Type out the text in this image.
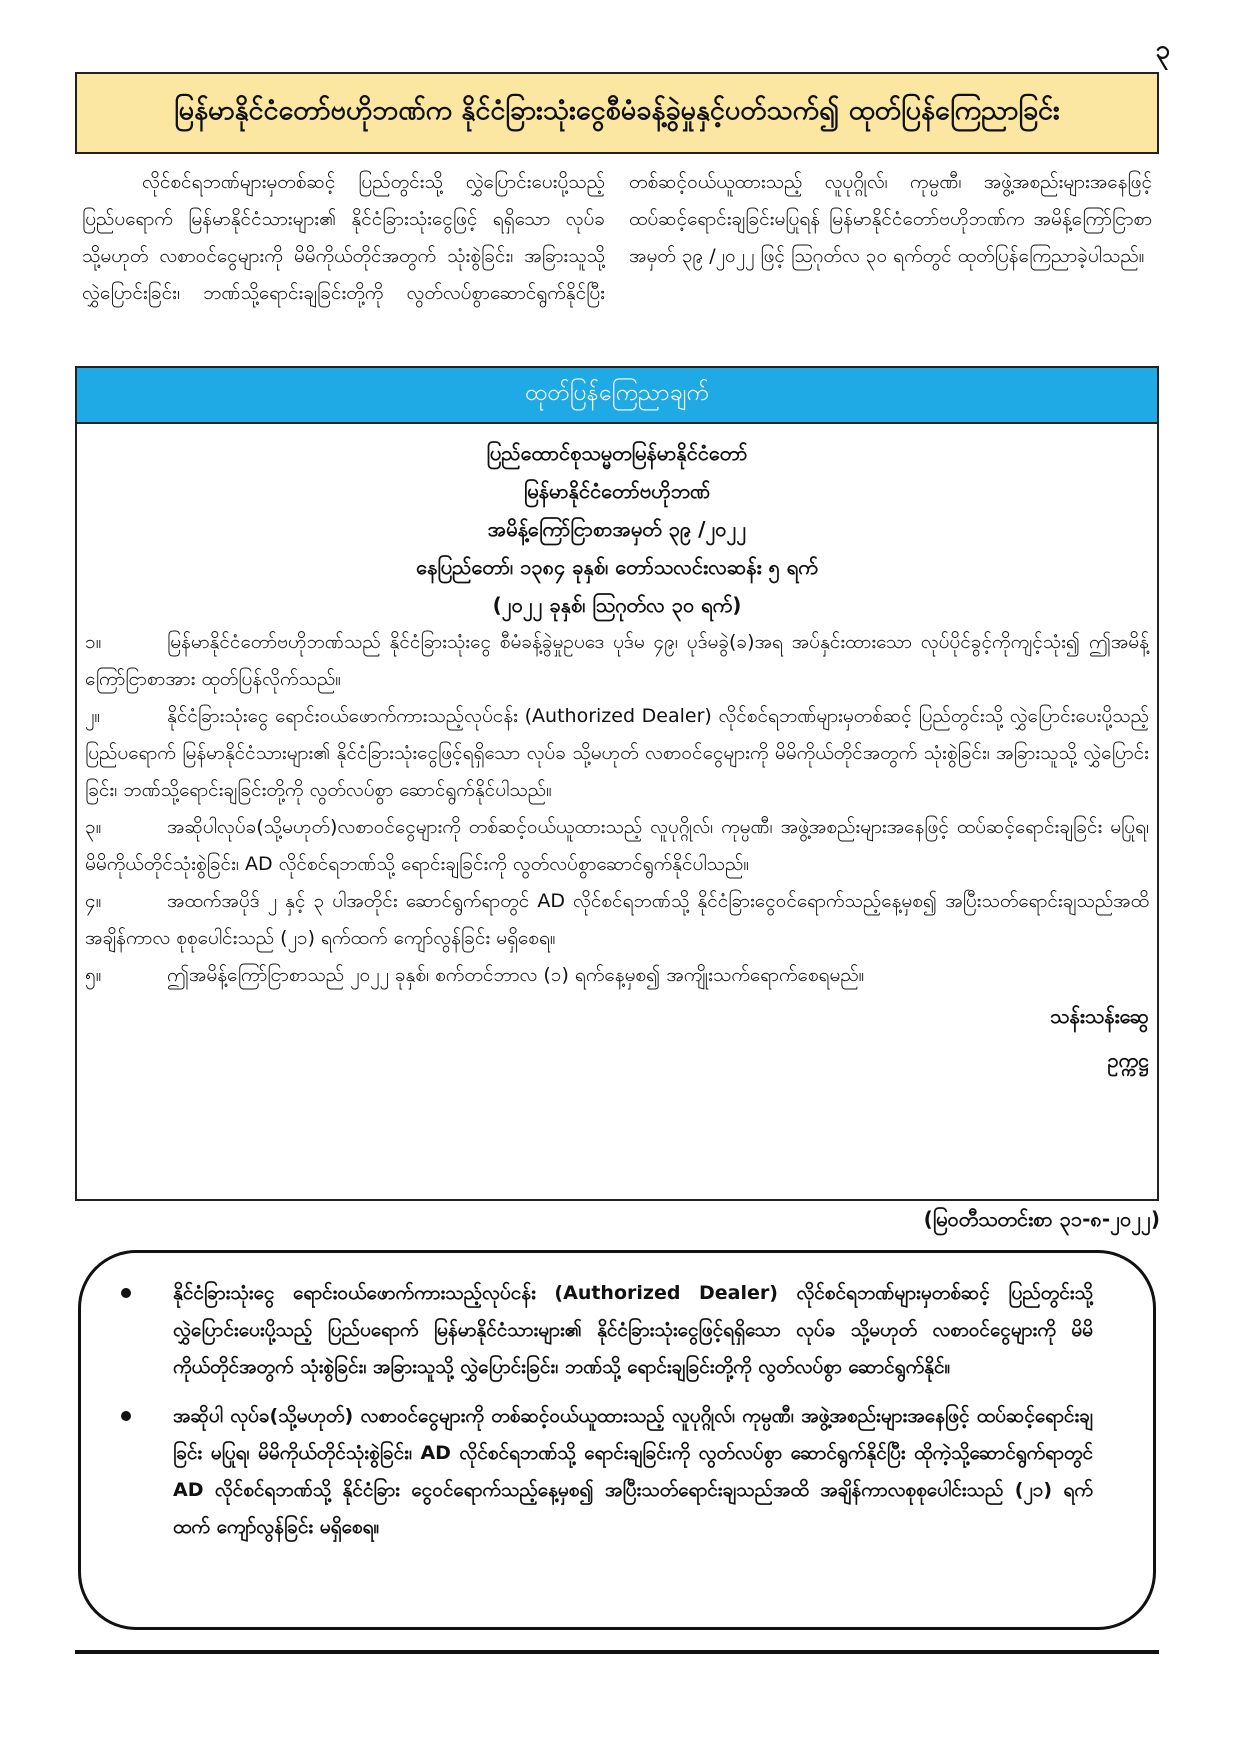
၃
မြန်မာနိုင်ငံတော်ဗဟိုဘဏ်က နိုင်ငံခြားသုံးငွေစီမံခန့်ခွဲမှုနှင့်ပတ်သက်၍ ထုတ်ပြန်ကြေညာခြင်း

လိုင်စင်ရဘဏ်များမှတစ်ဆင့် ပြည်တွင်းသို့ လွှဲပြောင်းပေးပို့သည့် ပြည်ပရောက် မြန်မာနိုင်ငံသားများ၏ နိုင်ငံခြားသုံးငွေဖြင့် ရရှိသော လုပ်ခ သို့မဟုတ် လစာဝင်ငွေများကို မိမိကိုယ်တိုင်အတွက် သုံးစွဲခြင်း၊ အခြားသူသို့လွှဲပြောင်းခြင်း၊ ဘဏ်သို့ရောင်းချခြင်းတို့ကို လွတ်လပ်စွာဆောင်ရွက်နိုင်ပြီး တစ်ဆင့်ဝယ်ယူထားသည့် လူပုဂ္ဂိုလ်၊ ကုမ္ပဏီ၊ အဖွဲ့အစည်းများအနေဖြင့် ထပ်ဆင့်ရောင်းချခြင်းမပြုရန် မြန်မာနိုင်ငံတော်ဗဟိုဘဏ်က အမိန့်ကြော်ငြာစာအမှတ် ၃၉ /၂၀၂၂ ဖြင့် ဩဂုတ်လ ၃၀ ရက်တွင် ထုတ်ပြန်ကြေညာခဲ့ပါသည်။

ထုတ်ပြန်ကြေညာချက်
ပြည်ထောင်စုသမ္မတမြန်မာနိုင်ငံတော်
မြန်မာနိုင်ငံတော်ဗဟိုဘဏ်
အမိန့်ကြော်ငြာစာအမှတ် ၃၉ /၂၀၂၂
နေပြည်တော်၊ ၁၃၈၄ ခုနှစ်၊ တော်သလင်းလဆန်း ၅ ရက်
(၂၀၂၂ ခုနှစ်၊ ဩဂုတ်လ ၃၀ ရက်)

၁။	မြန်မာနိုင်ငံတော်ဗဟိုဘဏ်သည် နိုင်ငံခြားသုံးငွေ စီမံခန့်ခွဲမှုဥပဒေ ပုဒ်မ ၄၉၊ ပုဒ်မခွဲ(ခ)အရ အပ်နှင်းထားသော လုပ်ပိုင်ခွင့်ကိုကျင့်သုံး၍ ဤအမိန့်ကြော်ငြာစာအား ထုတ်ပြန်လိုက်သည်။

၂။	နိုင်ငံခြားသုံးငွေ ရောင်းဝယ်ဖောက်ကားသည့်လုပ်ငန်း (Authorized Dealer) လိုင်စင်ရဘဏ်များမှတစ်ဆင့် ပြည်တွင်းသို့ လွှဲပြောင်းပေးပို့သည့် ပြည်ပရောက် မြန်မာနိုင်ငံသားများ၏ နိုင်ငံခြားသုံးငွေဖြင့်ရရှိသော လုပ်ခ သို့မဟုတ် လစာဝင်ငွေများကို မိမိကိုယ်တိုင်အတွက် သုံးစွဲခြင်း၊ အခြားသူသို့ လွှဲပြောင်းခြင်း၊ ဘဏ်သို့ရောင်းချခြင်းတို့ကို လွတ်လပ်စွာ ဆောင်ရွက်နိုင်ပါသည်။

၃။	အဆိုပါလုပ်ခ(သို့မဟုတ်)လစာဝင်ငွေများကို တစ်ဆင့်ဝယ်ယူထားသည့် လူပုဂ္ဂိုလ်၊ ကုမ္ပဏီ၊ အဖွဲ့အစည်းများအနေဖြင့် ထပ်ဆင့်ရောင်းချခြင်း မပြုရ၊ မိမိကိုယ်တိုင်သုံးစွဲခြင်း၊ AD လိုင်စင်ရဘဏ်သို့ ရောင်းချခြင်းကို လွတ်လပ်စွာဆောင်ရွက်နိုင်ပါသည်။

၄။	အထက်အပိုဒ် ၂ နှင့် ၃ ပါအတိုင်း ဆောင်ရွက်ရာတွင် AD လိုင်စင်ရဘဏ်သို့ နိုင်ငံခြားငွေဝင်ရောက်သည့်နေ့မှစ၍ အပြီးသတ်ရောင်းချသည်အထိ အချိန်ကာလ စုစုပေါင်းသည် (၂၁) ရက်ထက် ကျော်လွန်ခြင်း မရှိစေရ။

၅။	ဤအမိန့်ကြော်ငြာစာသည် ၂၀၂၂ ခုနှစ်၊ စက်တင်ဘာလ (၁) ရက်နေ့မှစ၍ အကျိုးသက်ရောက်စေရမည်။

သန်းသန်းဆွေ
ဥက္ကဋ္ဌ
(မြဝတီသတင်းစာ ၃၁-၈-၂၀၂၂)
နိုင်ငံခြားသုံးငွေ ရောင်းဝယ်ဖောက်ကားသည့်လုပ်ငန်း (Authorized Dealer) လိုင်စင်ရဘဏ်များမှတစ်ဆင့် ပြည်တွင်းသို့ လွှဲပြောင်းပေးပို့သည့် ပြည်ပရောက် မြန်မာနိုင်ငံသားများ၏ နိုင်ငံခြားသုံးငွေဖြင့်ရရှိသော လုပ်ခ သို့မဟုတ် လစာဝင်ငွေများကို မိမိကိုယ်တိုင်အတွက် သုံးစွဲခြင်း၊ အခြားသူသို့ လွှဲပြောင်းခြင်း၊ ဘဏ်သို့ ရောင်းချခြင်းတို့ကို လွတ်လပ်စွာ ဆောင်ရွက်နိုင်။
အဆိုပါ လုပ်ခ(သို့မဟုတ်) လစာဝင်ငွေများကို တစ်ဆင့်ဝယ်ယူထားသည့် လူပုဂ္ဂိုလ်၊ ကုမ္ပဏီ၊ အဖွဲ့အစည်းများအနေဖြင့် ထပ်ဆင့်ရောင်းချခြင်း မပြုရ၊ မိမိကိုယ်တိုင်သုံးစွဲခြင်း၊ AD လိုင်စင်ရဘဏ်သို့ ရောင်းချခြင်းကို လွတ်လပ်စွာ ဆောင်ရွက်နိုင်ပြီး ထိုကဲ့သို့ဆောင်ရွက်ရာတွင် AD လိုင်စင်ရဘဏ်သို့ နိုင်ငံခြား ငွေဝင်ရောက်သည့်နေ့မှစ၍ အပြီးသတ်ရောင်းချသည်အထိ အချိန်ကာလစုစုပေါင်းသည် (၂၁) ရက်ထက် ကျော်လွန်ခြင်း မရှိစေရ။
